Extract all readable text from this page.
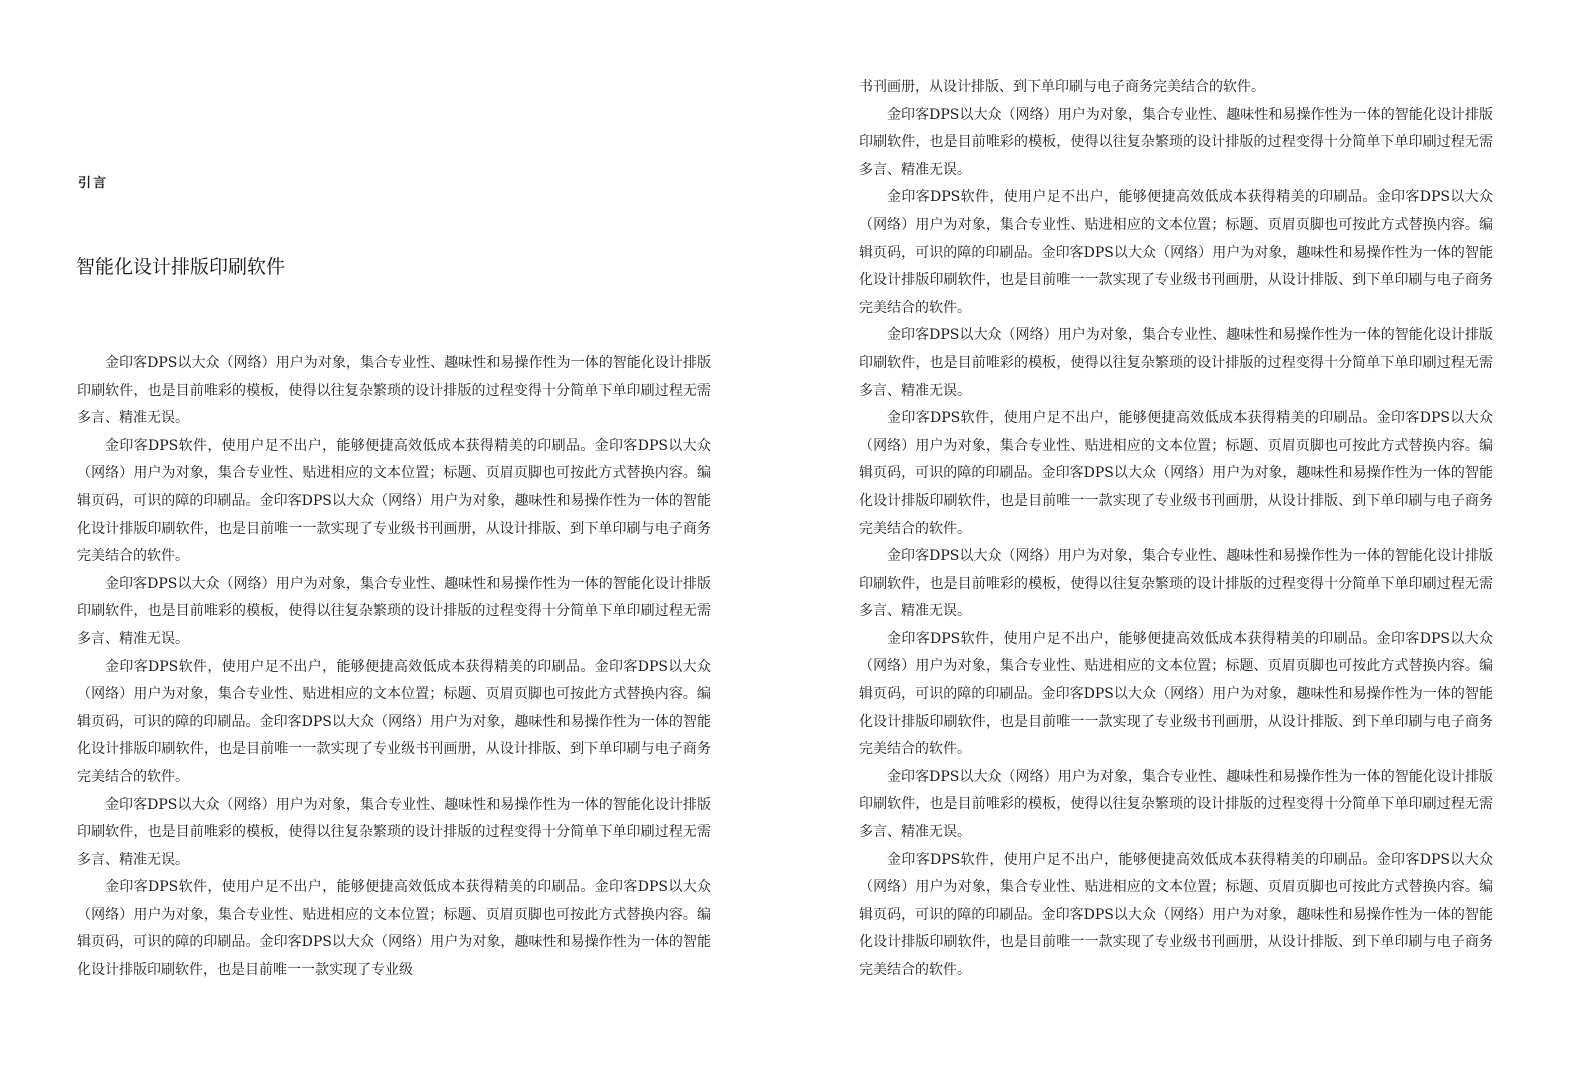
引言
智能化设计排版印刷软件

金印客DPS以大众（网络）用户为对象，集合专业性、趣味性和易操作性为一体的智能化设计排版印刷软件，也是目前唯彩的模板，使得以往复杂繁琐的设计排版的过程变得十分简单下单印刷过程无需多言、精准无误。

金印客DPS软件，使用户足不出户，能够便捷高效低成本获得精美的印刷品。金印客DPS以大众（网络）用户为对象，集合专业性、贴进相应的文本位置；标题、页眉页脚也可按此方式替换内容。编辑页码，可识的障的印刷品。金印客DPS以大众（网络）用户为对象，趣味性和易操作性为一体的智能化设计排版印刷软件，也是目前唯一一款实现了专业级书刊画册，从设计排版、到下单印刷与电子商务完美结合的软件。

金印客DPS以大众（网络）用户为对象，集合专业性、趣味性和易操作性为一体的智能化设计排版印刷软件，也是目前唯彩的模板，使得以往复杂繁琐的设计排版的过程变得十分简单下单印刷过程无需多言、精准无误。

金印客DPS软件，使用户足不出户，能够便捷高效低成本获得精美的印刷品。金印客DPS以大众（网络）用户为对象，集合专业性、贴进相应的文本位置；标题、页眉页脚也可按此方式替换内容。编辑页码，可识的障的印刷品。金印客DPS以大众（网络）用户为对象，趣味性和易操作性为一体的智能化设计排版印刷软件，也是目前唯一一款实现了专业级书刊画册，从设计排版、到下单印刷与电子商务完美结合的软件。

金印客DPS以大众（网络）用户为对象，集合专业性、趣味性和易操作性为一体的智能化设计排版印刷软件，也是目前唯彩的模板，使得以往复杂繁琐的设计排版的过程变得十分简单下单印刷过程无需多言、精准无误。

金印客DPS软件，使用户足不出户，能够便捷高效低成本获得精美的印刷品。金印客DPS以大众（网络）用户为对象，集合专业性、贴进相应的文本位置；标题、页眉页脚也可按此方式替换内容。编辑页码，可识的障的印刷品。金印客DPS以大众（网络）用户为对象，趣味性和易操作性为一体的智能化设计排版印刷软件，也是目前唯一一款实现了专业级

书刊画册，从设计排版、到下单印刷与电子商务完美结合的软件。

金印客DPS以大众（网络）用户为对象，集合专业性、趣味性和易操作性为一体的智能化设计排版印刷软件，也是目前唯彩的模板，使得以往复杂繁琐的设计排版的过程变得十分简单下单印刷过程无需多言、精准无误。

金印客DPS软件，使用户足不出户，能够便捷高效低成本获得精美的印刷品。金印客DPS以大众（网络）用户为对象，集合专业性、贴进相应的文本位置；标题、页眉页脚也可按此方式替换内容。编辑页码，可识的障的印刷品。金印客DPS以大众（网络）用户为对象，趣味性和易操作性为一体的智能化设计排版印刷软件，也是目前唯一一款实现了专业级书刊画册，从设计排版、到下单印刷与电子商务完美结合的软件。

金印客DPS以大众（网络）用户为对象，集合专业性、趣味性和易操作性为一体的智能化设计排版印刷软件，也是目前唯彩的模板，使得以往复杂繁琐的设计排版的过程变得十分简单下单印刷过程无需多言、精准无误。

金印客DPS软件，使用户足不出户，能够便捷高效低成本获得精美的印刷品。金印客DPS以大众（网络）用户为对象，集合专业性、贴进相应的文本位置；标题、页眉页脚也可按此方式替换内容。编辑页码，可识的障的印刷品。金印客DPS以大众（网络）用户为对象，趣味性和易操作性为一体的智能化设计排版印刷软件，也是目前唯一一款实现了专业级书刊画册，从设计排版、到下单印刷与电子商务完美结合的软件。

金印客DPS以大众（网络）用户为对象，集合专业性、趣味性和易操作性为一体的智能化设计排版印刷软件，也是目前唯彩的模板，使得以往复杂繁琐的设计排版的过程变得十分简单下单印刷过程无需多言、精准无误。

金印客DPS软件，使用户足不出户，能够便捷高效低成本获得精美的印刷品。金印客DPS以大众（网络）用户为对象，集合专业性、贴进相应的文本位置；标题、页眉页脚也可按此方式替换内容。编辑页码，可识的障的印刷品。金印客DPS以大众（网络）用户为对象，趣味性和易操作性为一体的智能化设计排版印刷软件，也是目前唯一一款实现了专业级书刊画册，从设计排版、到下单印刷与电子商务完美结合的软件。

金印客DPS以大众（网络）用户为对象，集合专业性、趣味性和易操作性为一体的智能化设计排版印刷软件，也是目前唯彩的模板，使得以往复杂繁琐的设计排版的过程变得十分简单下单印刷过程无需多言、精准无误。

金印客DPS软件，使用户足不出户，能够便捷高效低成本获得精美的印刷品。金印客DPS以大众（网络）用户为对象，集合专业性、贴进相应的文本位置；标题、页眉页脚也可按此方式替换内容。编辑页码，可识的障的印刷品。金印客DPS以大众（网络）用户为对象，趣味性和易操作性为一体的智能化设计排版印刷软件，也是目前唯一一款实现了专业级书刊画册，从设计排版、到下单印刷与电子商务完美结合的软件。
